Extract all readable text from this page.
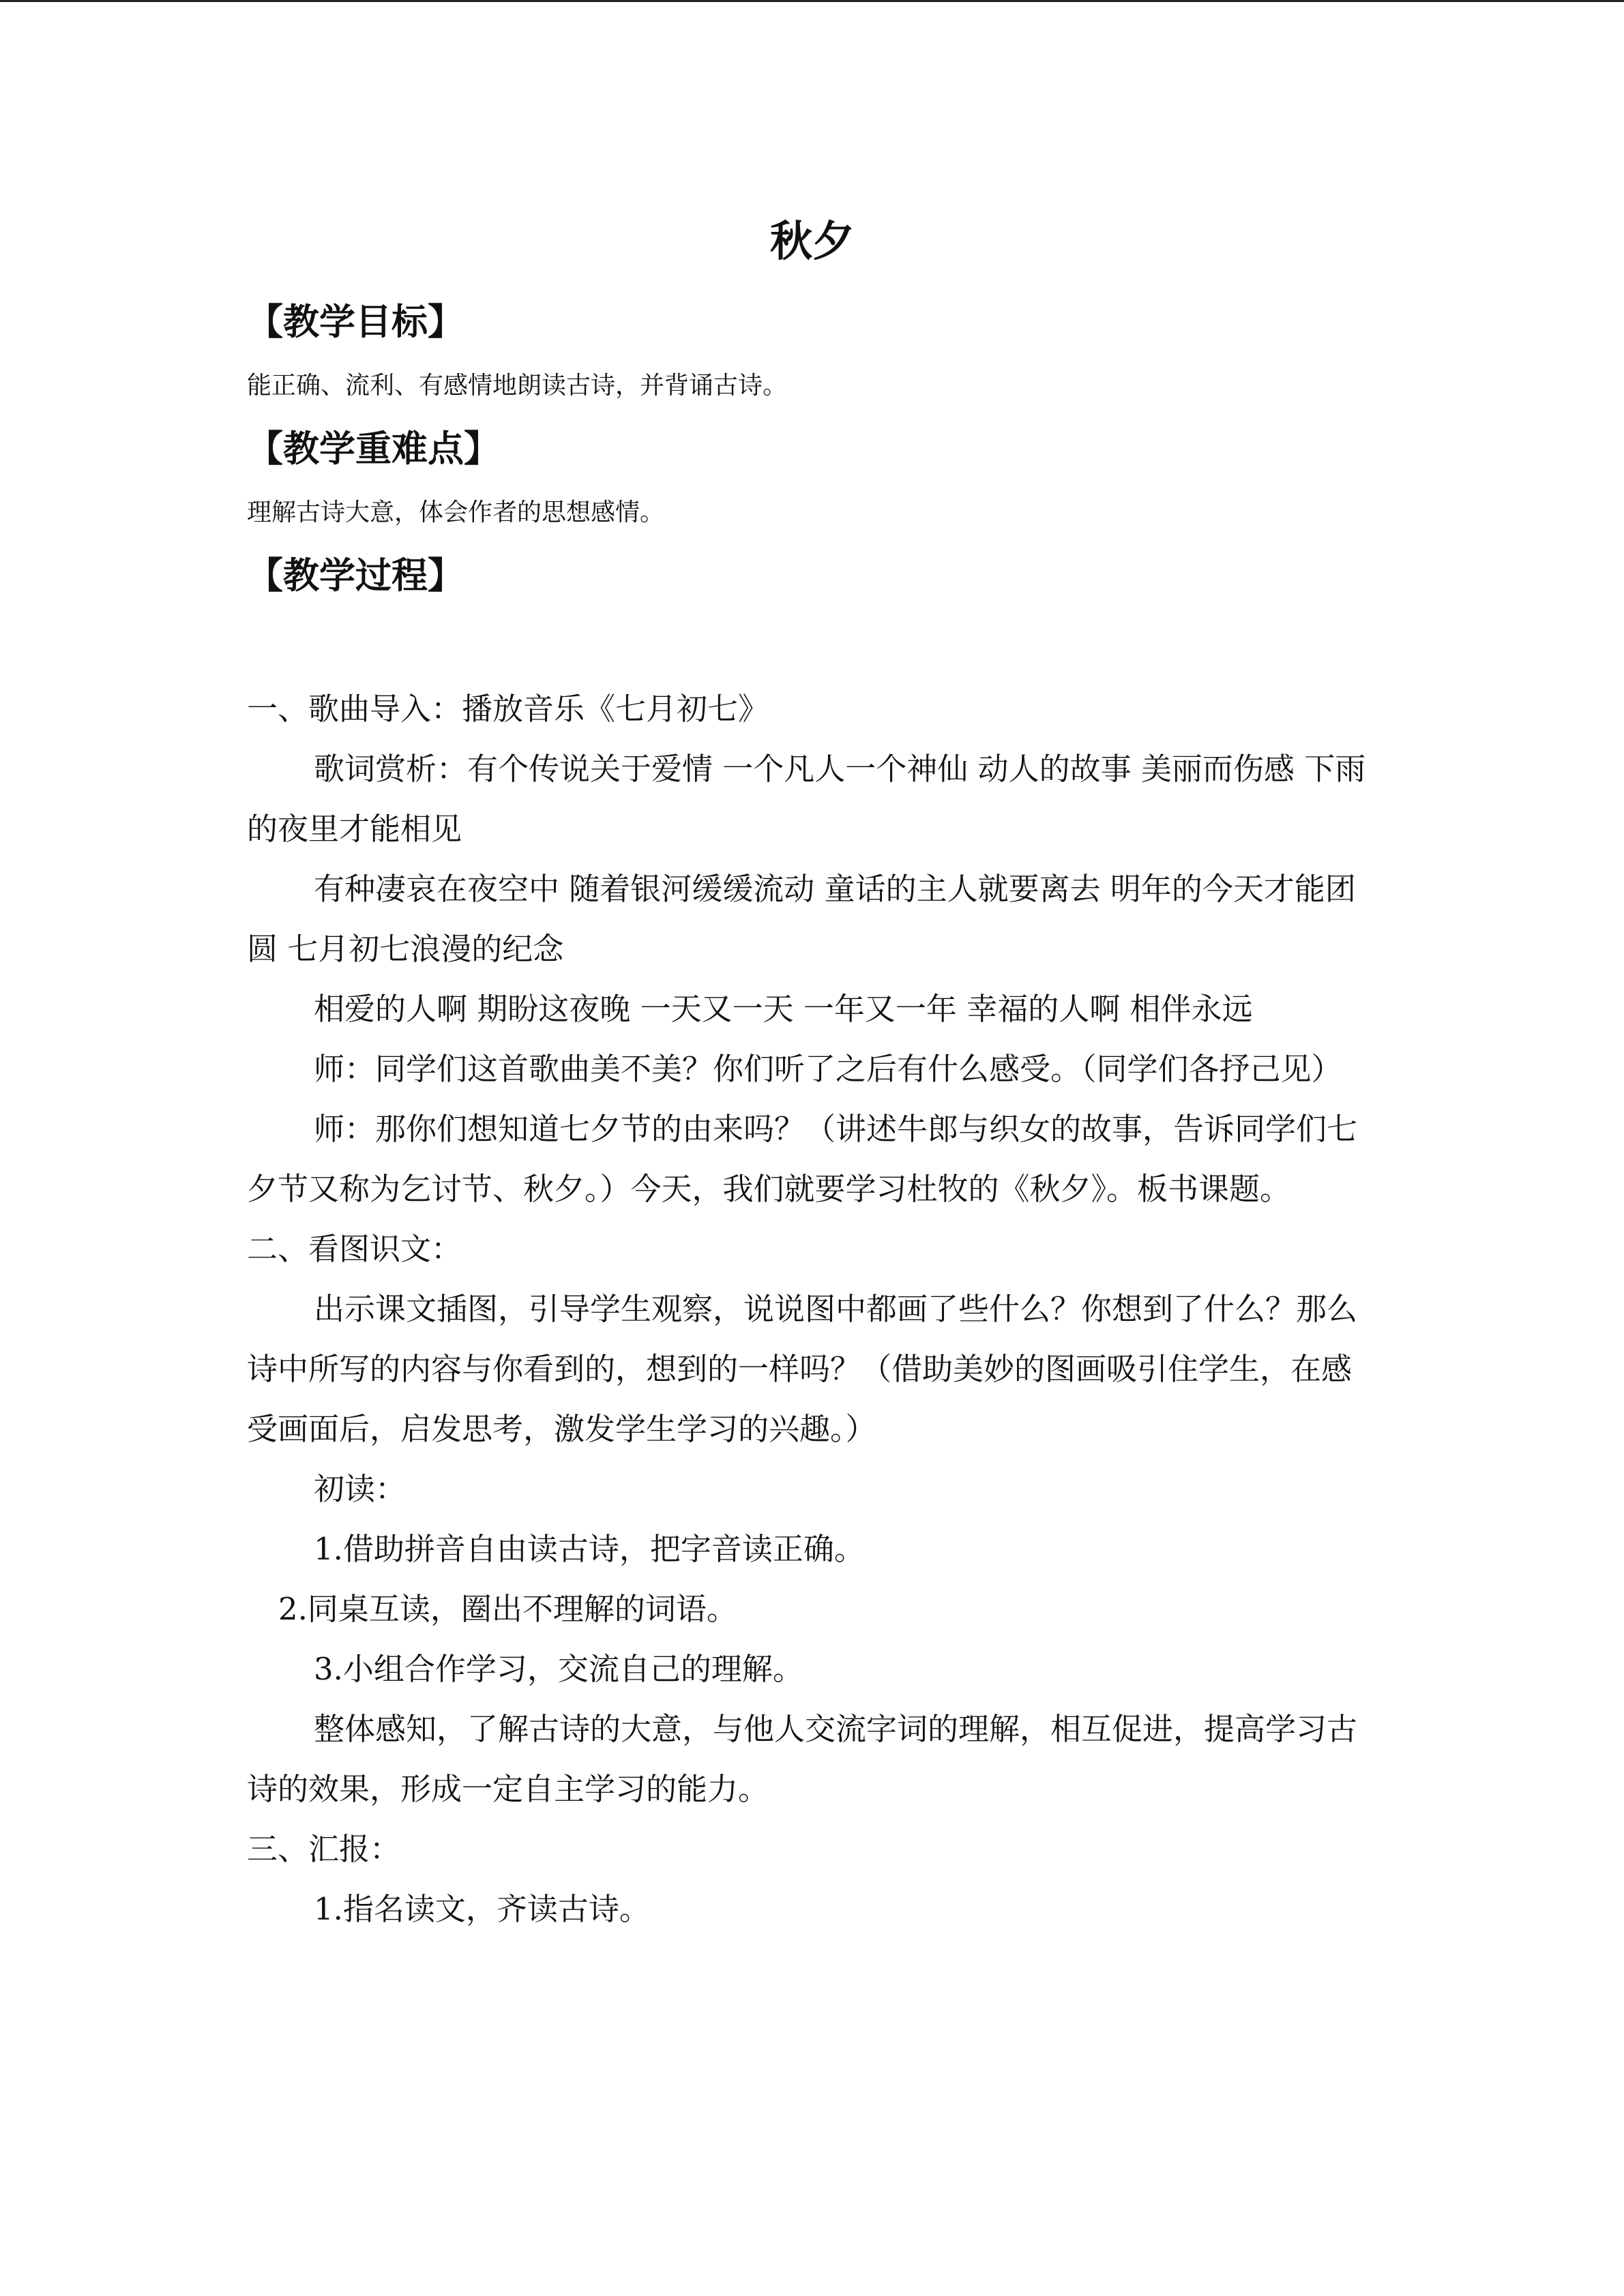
秋夕
【教学目标】
能正确、流利、有感情地朗读古诗，并背诵古诗。
【教学重难点】
理解古诗大意，体会作者的思想感情。
【教学过程】

一、歌曲导入：播放音乐《七月初七》

歌词赏析：有个传说关于爱情 一个凡人一个神仙 动人的故事 美丽而伤感 下雨的夜里才能相见

有种凄哀在夜空中 随着银河缓缓流动 童话的主人就要离去 明年的今天才能团圆 七月初七浪漫的纪念

相爱的人啊 期盼这夜晚 一天又一天 一年又一年 幸福的人啊 相伴永远

师：同学们这首歌曲美不美？你们听了之后有什么感受。（同学们各抒己见）

师：那你们想知道七夕节的由来吗？（讲述牛郎与织女的故事，告诉同学们七夕节又称为乞讨节、秋夕。）今天，我们就要学习杜牧的《秋夕》。板书课题。

二、看图识文：

出示课文插图，引导学生观察，说说图中都画了些什么？你想到了什么？那么诗中所写的内容与你看到的，想到的一样吗？（借助美妙的图画吸引住学生，在感受画面后，启发思考，激发学生学习的兴趣。）

初读：

1.借助拼音自由读古诗，把字音读正确。

2.同桌互读，圈出不理解的词语。

3.小组合作学习，交流自己的理解。

整体感知，了解古诗的大意，与他人交流字词的理解，相互促进，提高学习古诗的效果，形成一定自主学习的能力。

三、汇报：

1.指名读文，齐读古诗。
